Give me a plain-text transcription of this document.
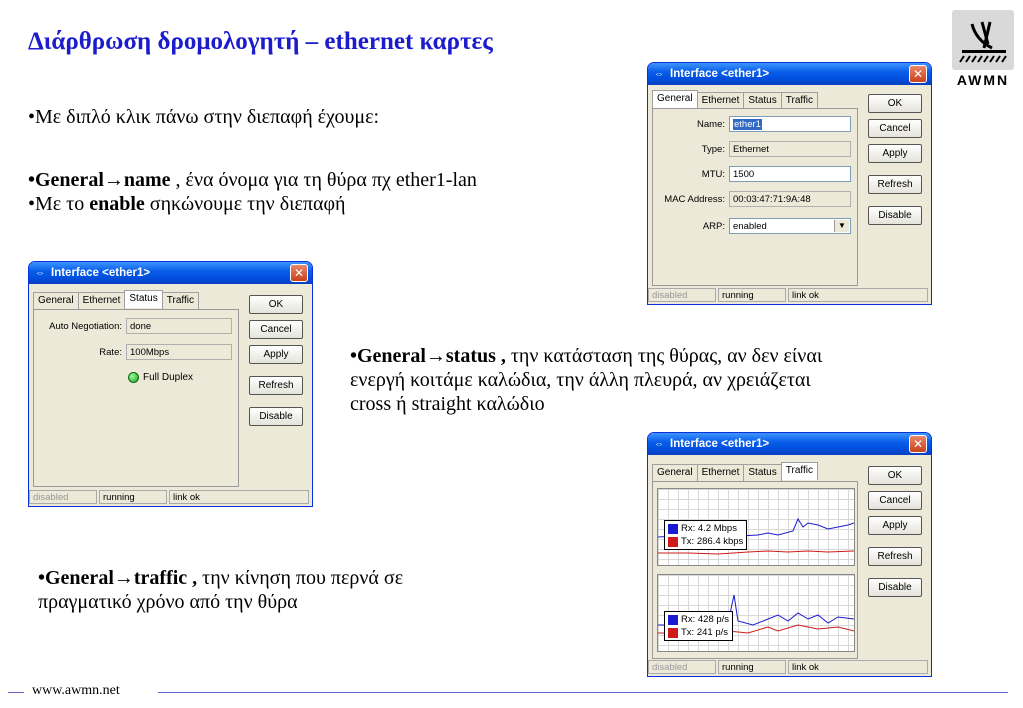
Διάρθρωση δρομολογητή – ethernet καρτες
AWMN
•Με διπλό κλικ πάνω στην διεπαφή έχουμε:
•General→name , ένα όνομα για τη θύρα πχ ether1-lan
•Με το enable σηκώνουμε την διεπαφή
•General→status , την κατάσταση της θύρας, αν δεν είναι
ενεργή κοιτάμε καλώδια, την άλλη πλευρά, αν χρειάζεται
cross ή straight καλώδιο
•General→traffic , την κίνηση που περνά σε
πραγματικό χρόνο από την θύρα
www.awmn.net
⇔ Interface <ether1>	✕
General Ethernet Status Traffic
Name: ether1
Type: Ethernet
MTU: 1500
MAC Address: 00:03:47:71:9A:48
ARP: enabled	▼
OK
Cancel
Apply
Refresh
Disable
disabled	running	link ok
⇔ Interface <ether1>	✕
General Ethernet Status Traffic
Auto Negotiation: done
Rate: 100Mbps
Full Duplex
OK
Cancel
Apply
Refresh
Disable
disabled	running	link ok
⇔ Interface <ether1>	✕
General Ethernet Status Traffic
Rx: 4.2 Mbps
Tx: 286.4 kbps
Rx: 428 p/s
Tx: 241 p/s
OK
Cancel
Apply
Refresh
Disable
disabled	running	link ok
